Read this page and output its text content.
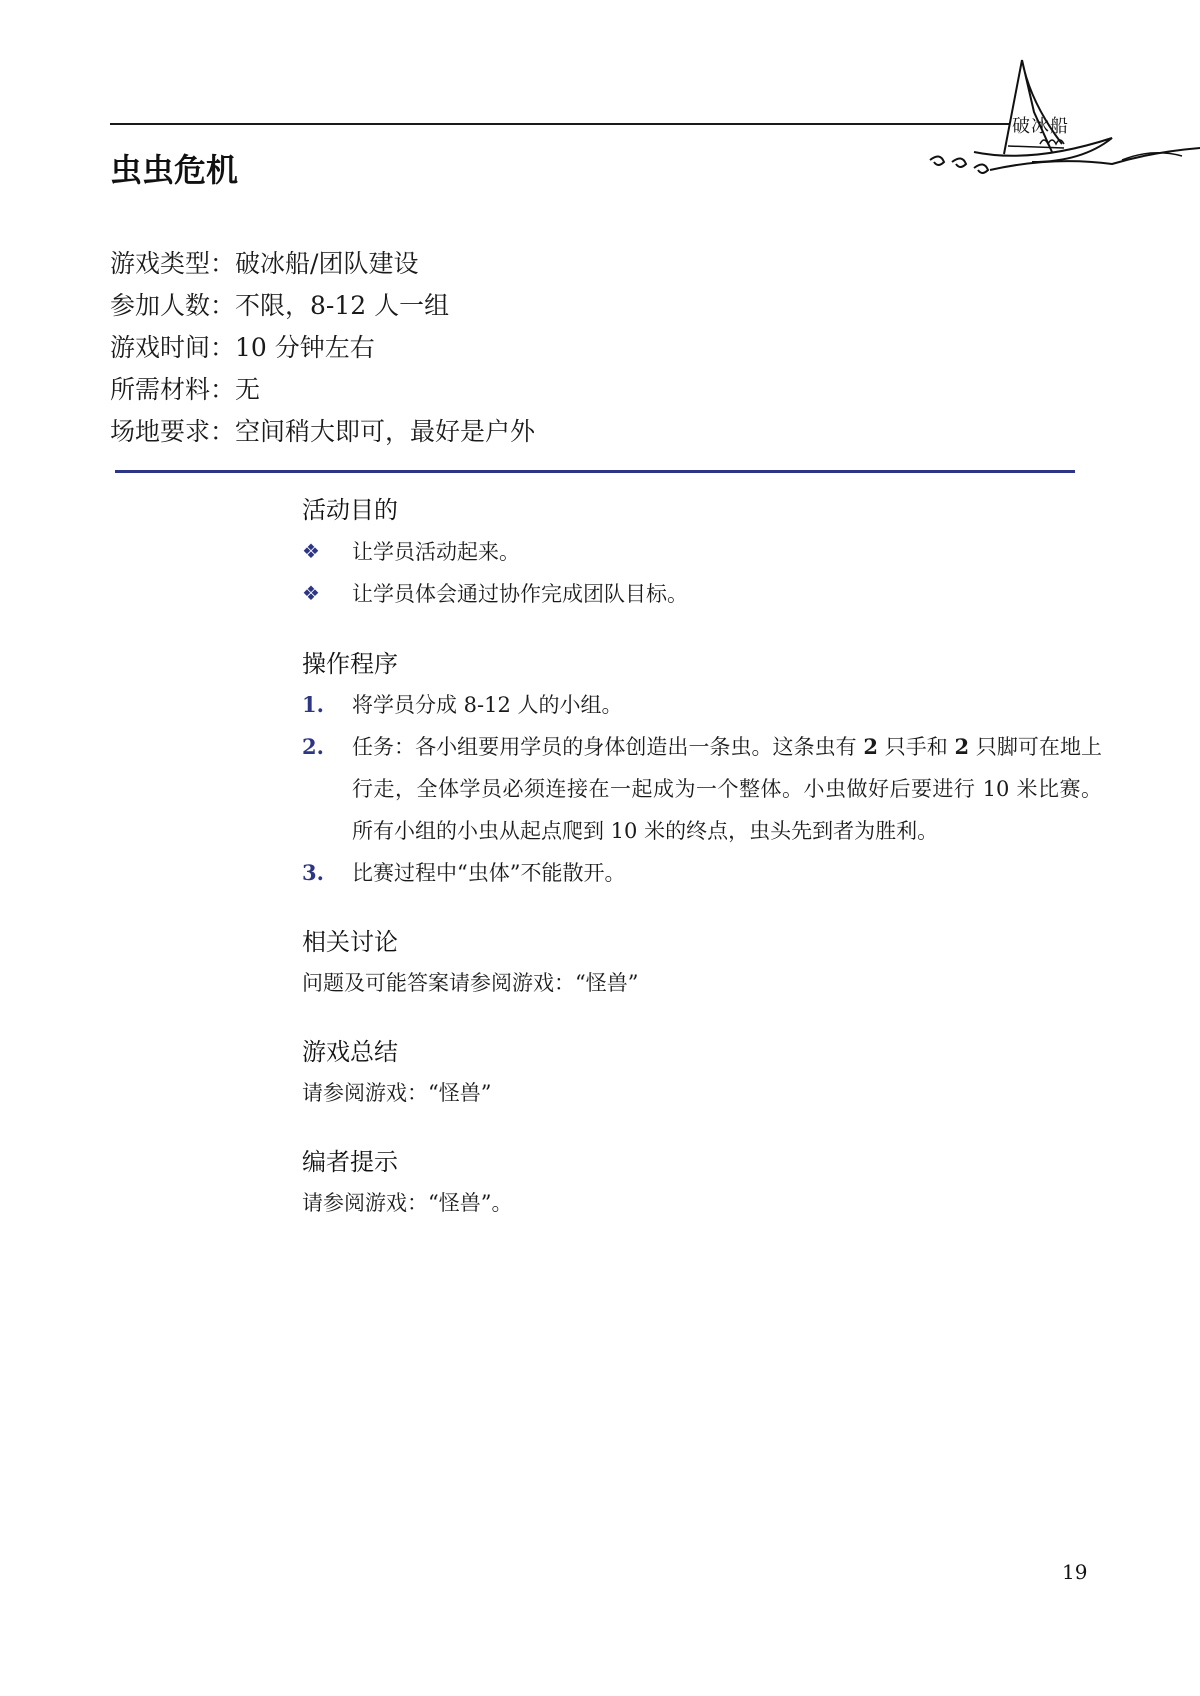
破冰船
虫虫危机
游戏类型：破冰船/团队建设
参加人数：不限，8-12 人一组
游戏时间：10 分钟左右
所需材料：无
场地要求：空间稍大即可，最好是户外
活动目的
❖	让学员活动起来。
❖	让学员体会通过协作完成团队目标。
操作程序
1.	将学员分成 8-12 人的小组。
2.	任务：各小组要用学员的身体创造出一条虫。这条虫有 2 只手和 2 只脚可在地上行走，全体学员必须连接在一起成为一个整体。小虫做好后要进行 10 米比赛。所有小组的小虫从起点爬到 10 米的终点，虫头先到者为胜利。
3.	比赛过程中“虫体”不能散开。
相关讨论
问题及可能答案请参阅游戏：“怪兽”
游戏总结
请参阅游戏：“怪兽”
编者提示
请参阅游戏：“怪兽”。
19
